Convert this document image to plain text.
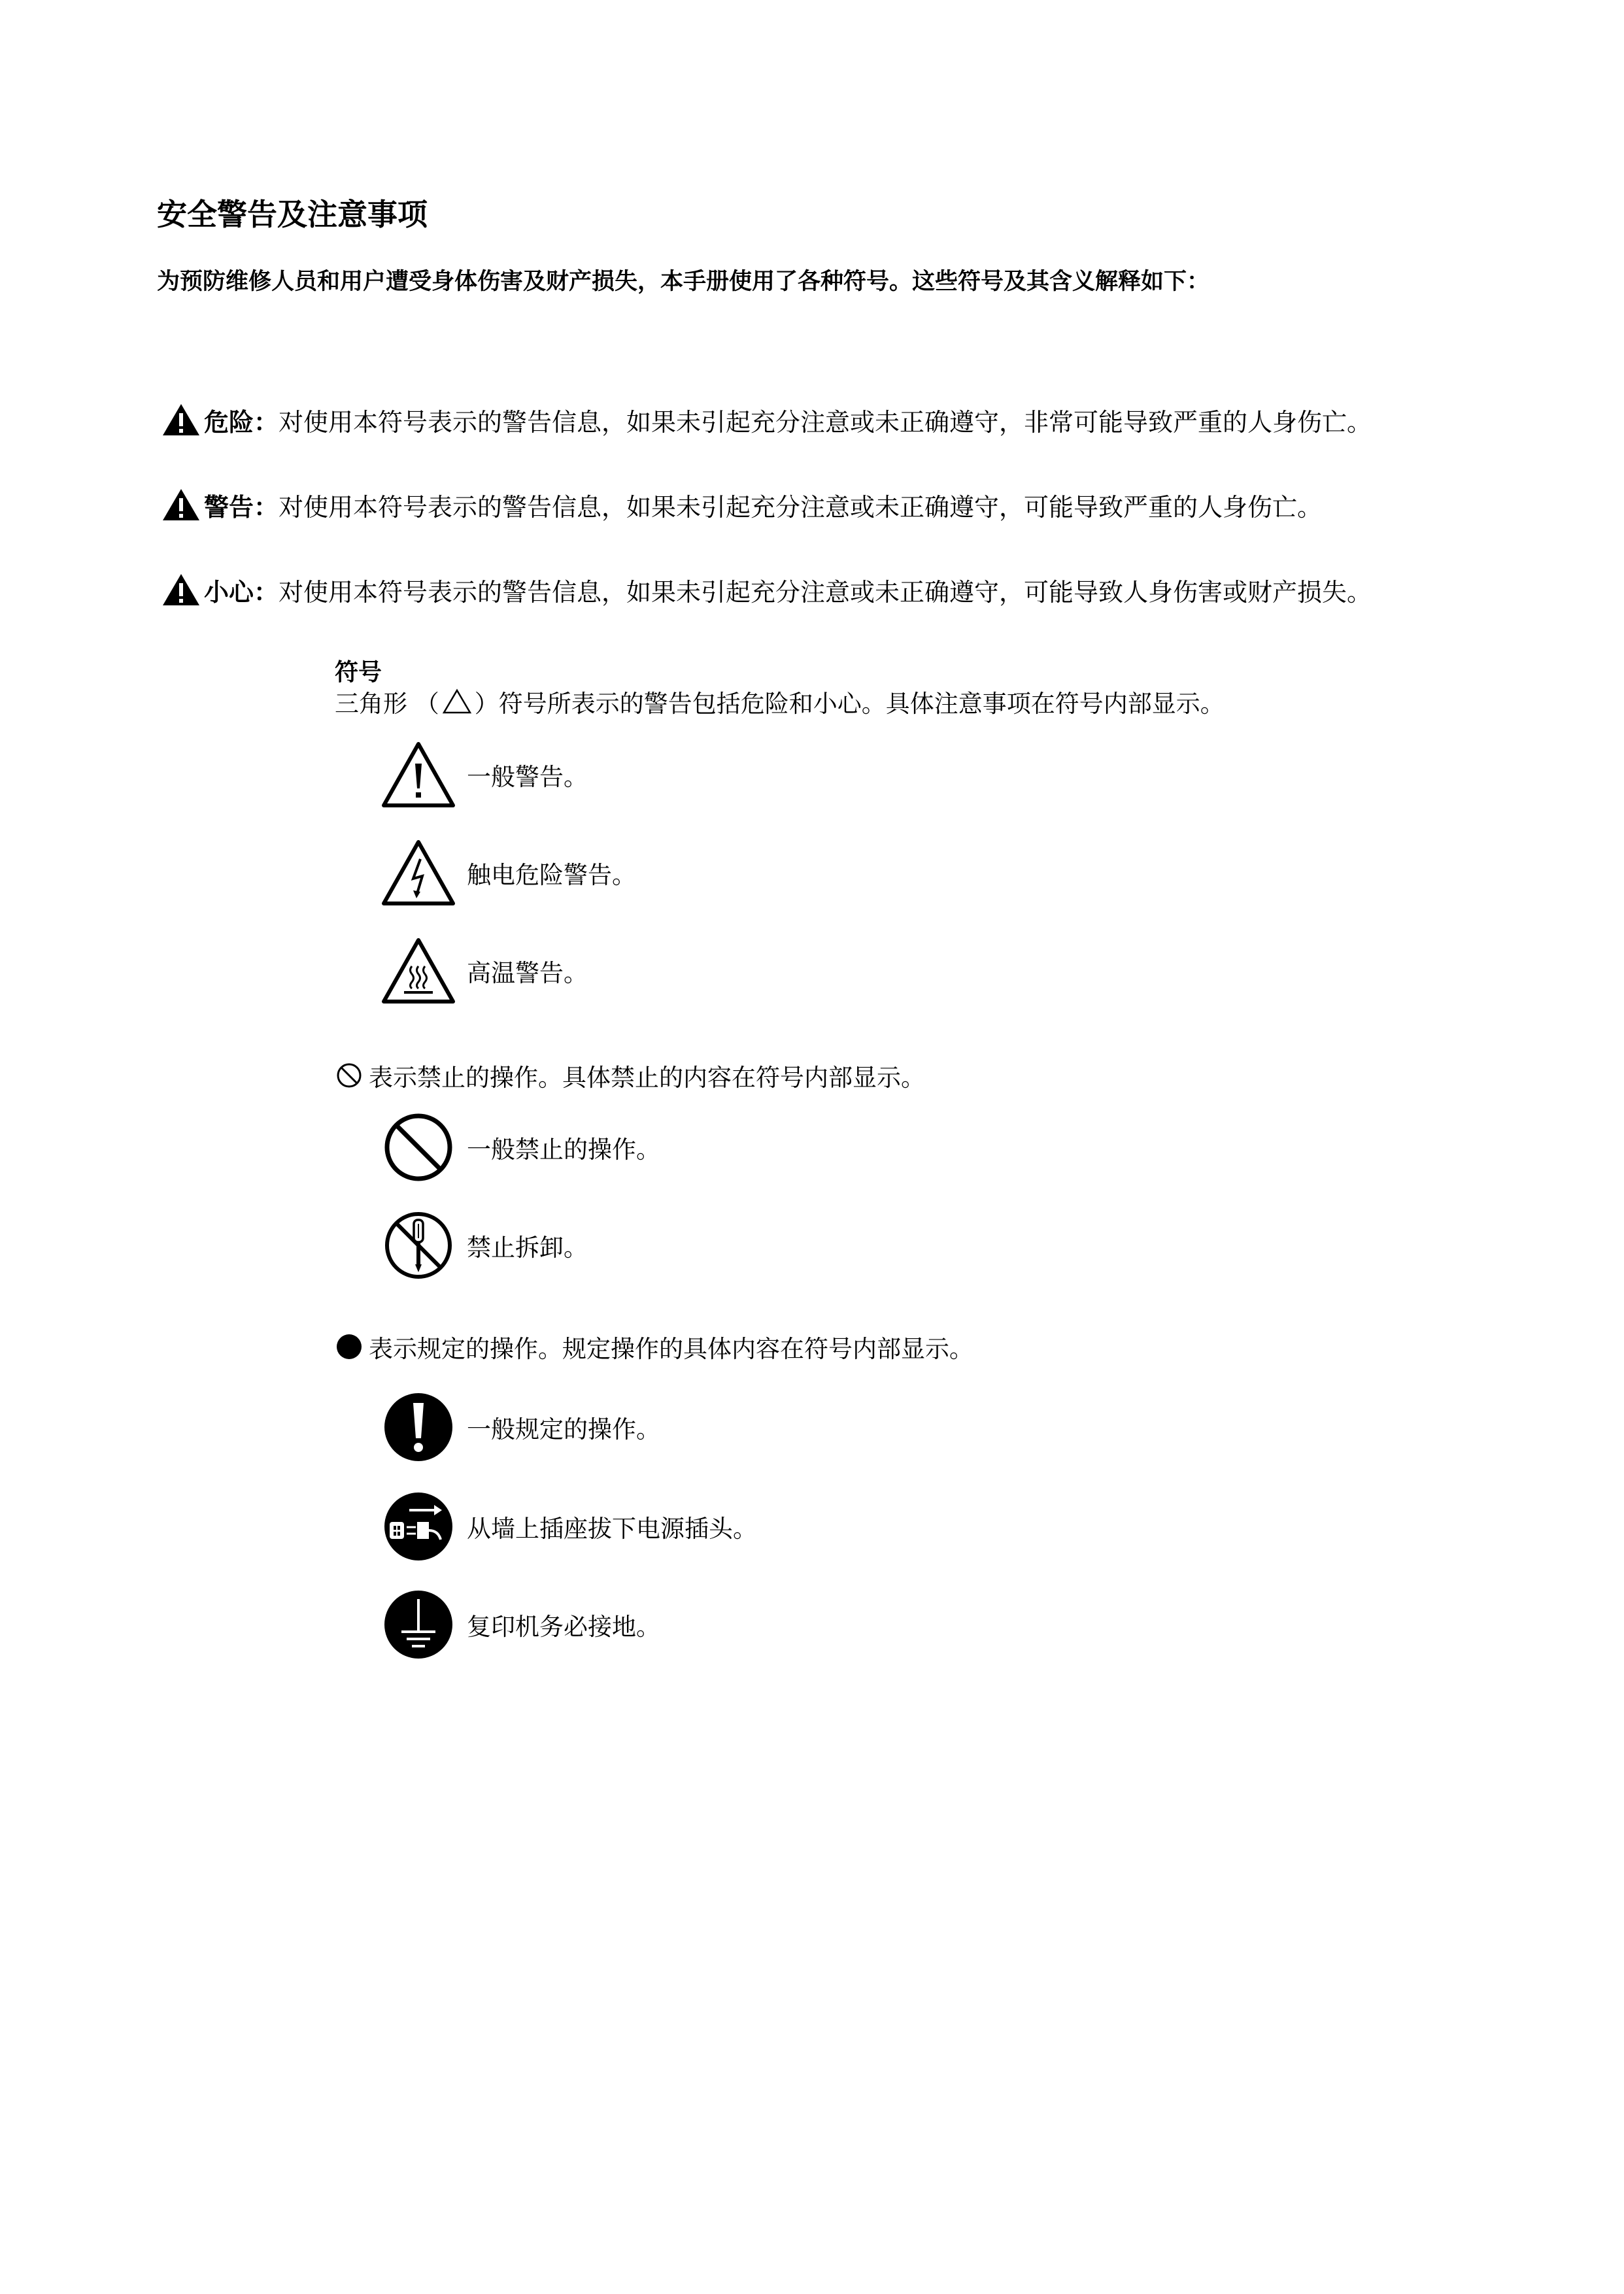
安全警告及注意事项
为预防维修人员和用户遭受身体伤害及财产损失，本手册使用了各种符号。这些符号及其含义解释如下：
危险 ： 对使用本符号表示的警告信息，如果未引起充分注意或未正确遵守，非常可能导致严重的人身伤亡。
警告 ： 对使用本符号表示的警告信息，如果未引起充分注意或未正确遵守，可能导致严重的人身伤亡。
小心 ： 对使用本符号表示的警告信息，如果未引起充分注意或未正确遵守，可能导致人身伤害或财产损失。
符号
三角形 （ ）符号所表示的警告包括危险和小心。具体注意事项在符号内部显示。
一般警告。
触电危险警告。
高温警告。
表示禁止的操作。具体禁止的内容在符号内部显示。
一般禁止的操作。
禁止拆卸。
表示规定的操作。规定操作的具体内容在符号内部显示。
一般规定的操作。
从墙上插座拔下电源插头。
复印机务必接地。
